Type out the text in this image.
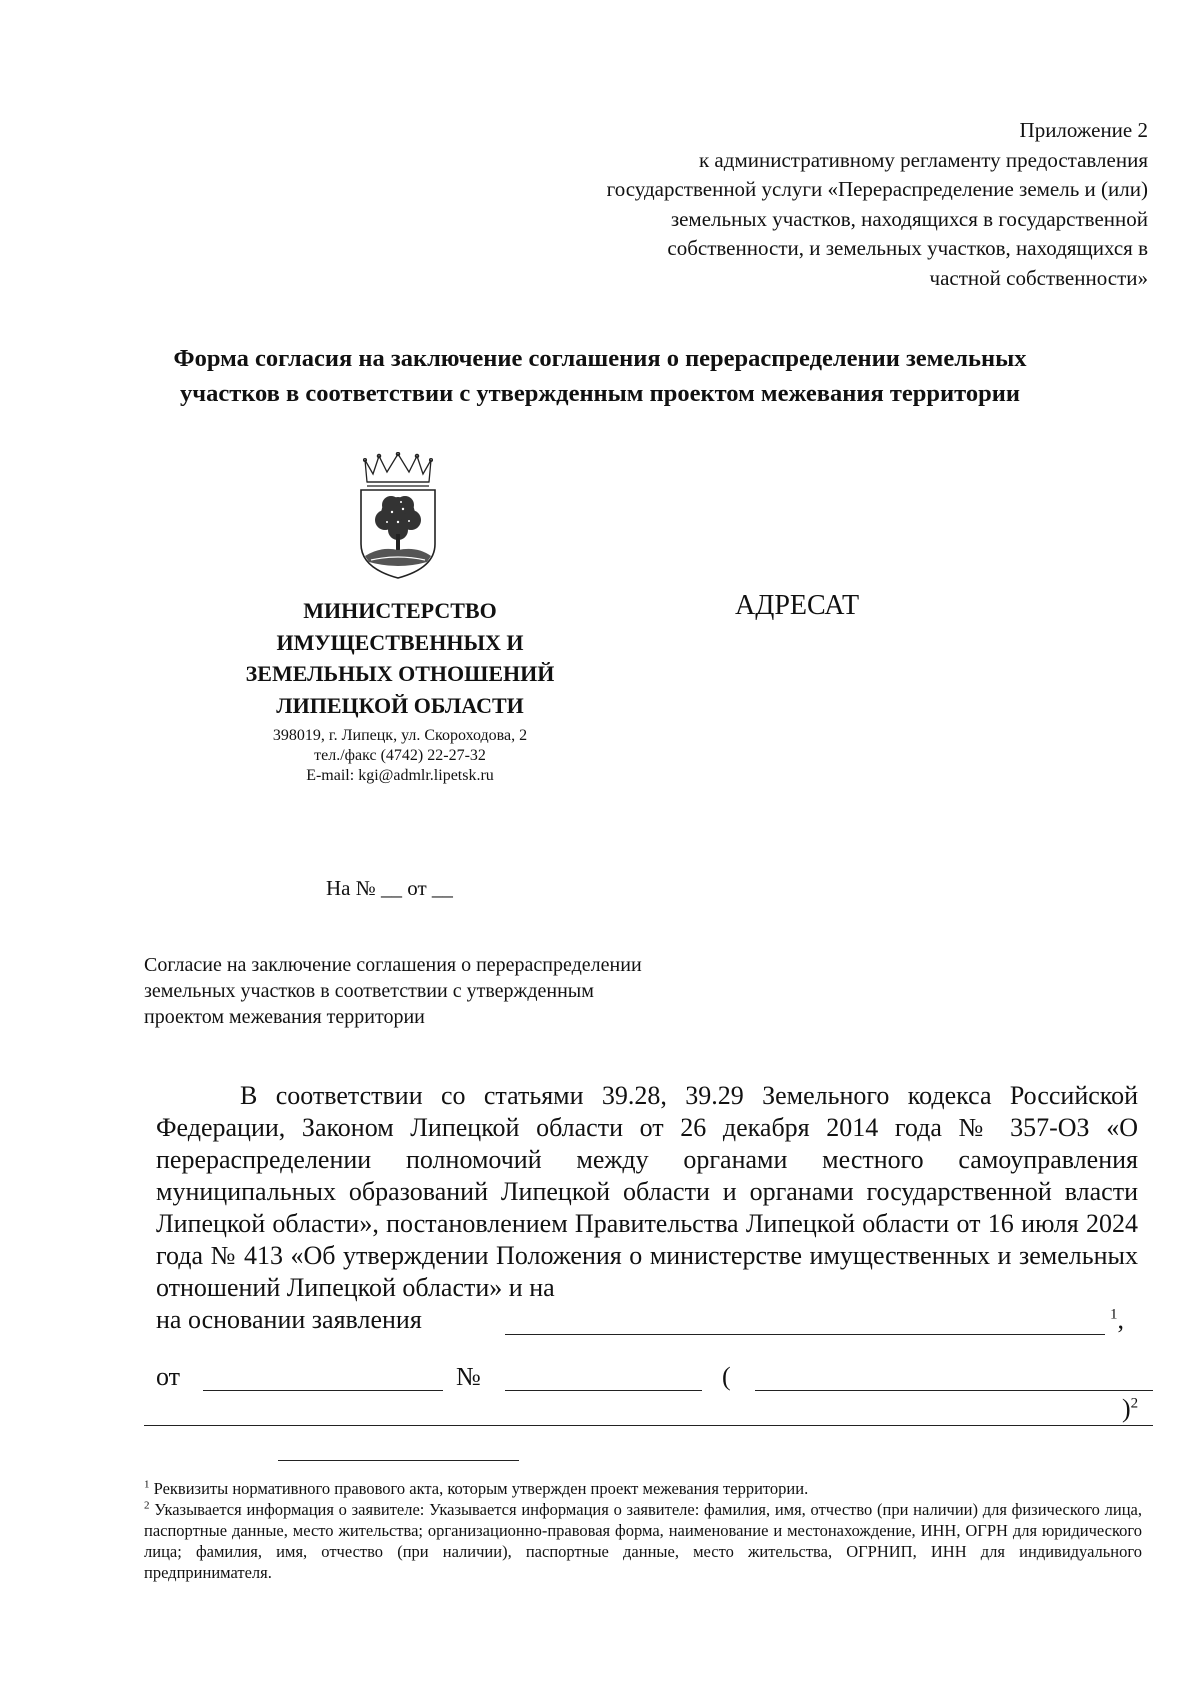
Приложение 2
к административному регламенту предоставления
государственной услуги «Перераспределение земель и (или)
земельных участков, находящихся в государственной
собственности, и земельных участков, находящихся в
частной собственности»
Форма согласия на заключение соглашения о перераспределении земельных
участков в соответствии с утвержденным проектом межевания территории
МИНИСТЕРСТВО
ИМУЩЕСТВЕННЫХ И
ЗЕМЕЛЬНЫХ ОТНОШЕНИЙ
ЛИПЕЦКОЙ ОБЛАСТИ
398019, г. Липецк, ул. Скороходова, 2
тел./факс (4742) 22-27-32
E-mail: kgi@admlr.lipetsk.ru
АДРЕСАТ
На № __ от __
Согласие на заключение соглашения о перераспределении
земельных участков в соответствии с утвержденным
проектом межевания территории
В соответствии со статьями 39.28, 39.29 Земельного кодекса Российской Федерации, Законом Липецкой области от 26 декабря 2014 года № 357-ОЗ «О перераспределении полномочий между органами местного самоуправления муниципальных образований Липецкой области и органами государственной власти Липецкой области», постановлением Правительства Липецкой области от 16 июля 2024 года № 413 «Об утверждении Положения о министерстве имущественных и земельных отношений Липецкой области» и на
на основании заявления	$^1$,
от	№	(
)$^2$

$^1$ Реквизиты нормативного правового акта, которым утвержден проект межевания территории.

$^2$ Указывается информация о заявителе: Указывается информация о заявителе: фамилия, имя, отчество (при наличии) для физического лица, паспортные данные, место жительства; организационно-правовая форма, наименование и местонахождение, ИНН, ОГРН для юридического лица; фамилия, имя, отчество (при наличии), паспортные данные, место жительства, ОГРНИП, ИНН для индивидуального предпринимателя.
